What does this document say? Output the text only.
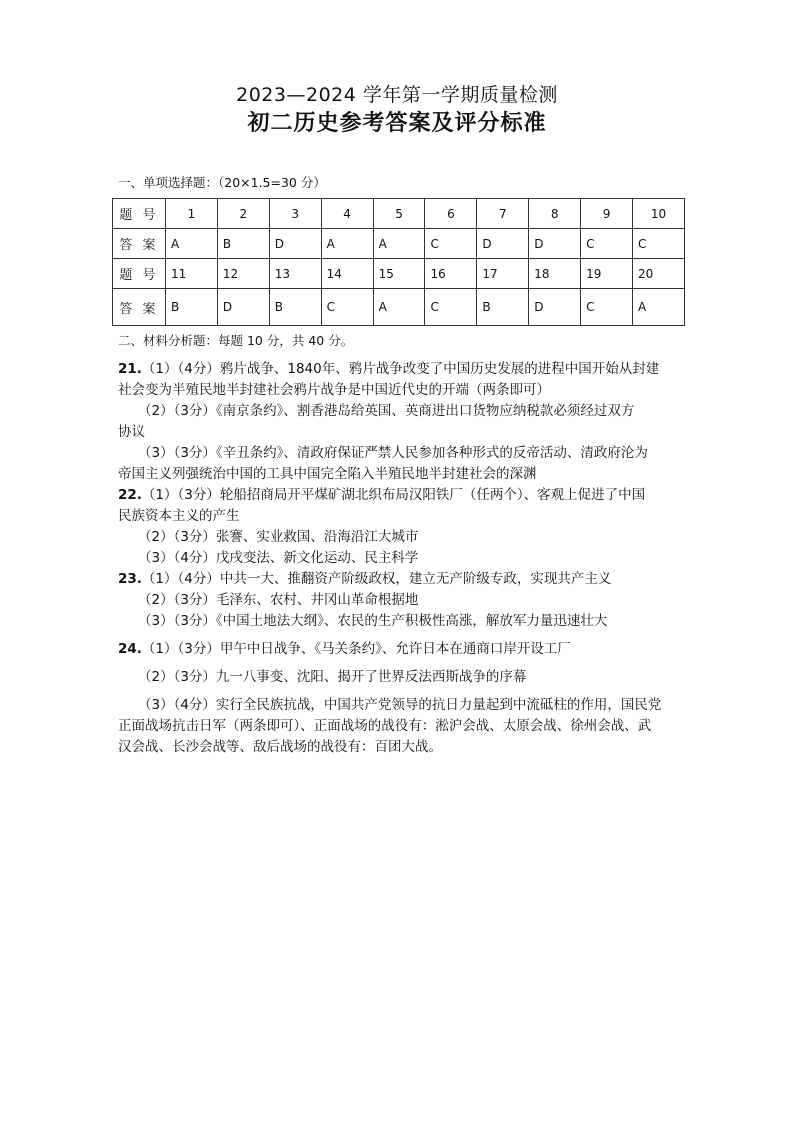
2023—2024 学年第一学期质量检测
初二历史参考答案及评分标准
一、单项选择题：（20×1.5=30 分）
题 号	1	2	3	4	5	6	7	8	9	10
答 案	A	B	D	A	A	C	D	D	C	C
题 号	11	12	13	14	15	16	17	18	19	20
答 案	B	D	B	C	A	C	B	D	C	A
二、材料分析题：每题 10 分，共 40 分。
21.（1）（4分）鸦片战争、1840年、鸦片战争改变了中国历史发展的进程中国开始从封建
社会变为半殖民地半封建社会鸦片战争是中国近代史的开端（两条即可）
（2）（3分）《南京条约》、割香港岛给英国、英商进出口货物应纳税款必须经过双方
协议
（3）（3分）《辛丑条约》、清政府保证严禁人民参加各种形式的反帝活动、清政府沦为
帝国主义列强统治中国的工具中国完全陷入半殖民地半封建社会的深渊
22.（1）（3分）轮船招商局开平煤矿湖北织布局汉阳铁厂（任两个）、客观上促进了中国
民族资本主义的产生
（2）（3分）张謇、实业救国、沿海沿江大城市
（3）（4分）戊戌变法、新文化运动、民主科学
23.（1）（4分）中共一大、推翻资产阶级政权，建立无产阶级专政，实现共产主义
（2）（3分）毛泽东、农村、井冈山革命根据地
（3）（3分）《中国土地法大纲》、农民的生产积极性高涨，解放军力量迅速壮大
24.（1）（3分）甲午中日战争、《马关条约》、允许日本在通商口岸开设工厂
（2）（3分）九一八事变、沈阳、揭开了世界反法西斯战争的序幕
（3）（4分）实行全民族抗战，中国共产党领导的抗日力量起到中流砥柱的作用，国民党
正面战场抗击日军（两条即可）、正面战场的战役有：淞沪会战、太原会战、徐州会战、武
汉会战、长沙会战等、敌后战场的战役有：百团大战。
